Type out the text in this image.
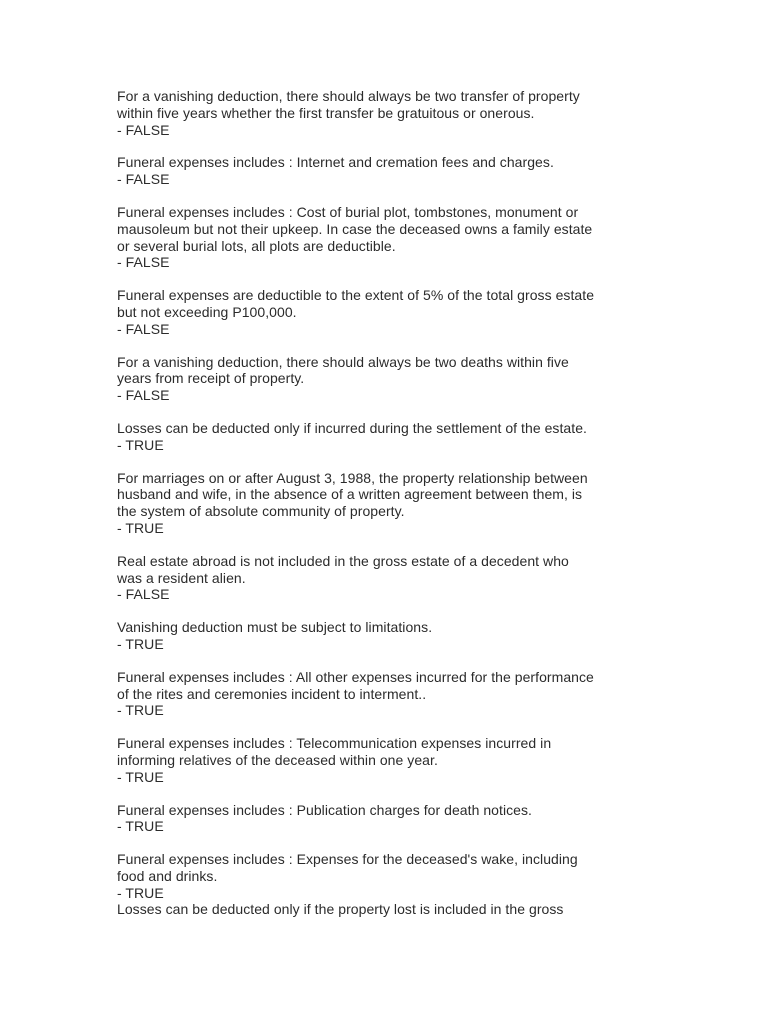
For a vanishing deduction, there should always be two transfer of property
within five years whether the first transfer be gratuitous or onerous.
- FALSE
Funeral expenses includes : Internet and cremation fees and charges.
- FALSE
Funeral expenses includes : Cost of burial plot, tombstones, monument or
mausoleum but not their upkeep. In case the deceased owns a family estate
or several burial lots, all plots are deductible.
- FALSE
Funeral expenses are deductible to the extent of 5% of the total gross estate
but not exceeding P100,000.
- FALSE
For a vanishing deduction, there should always be two deaths within five
years from receipt of property.
- FALSE
Losses can be deducted only if incurred during the settlement of the estate.
- TRUE
For marriages on or after August 3, 1988, the property relationship between
husband and wife, in the absence of a written agreement between them, is
the system of absolute community of property.
- TRUE
Real estate abroad is not included in the gross estate of a decedent who
was a resident alien.
- FALSE
Vanishing deduction must be subject to limitations.
- TRUE
Funeral expenses includes : All other expenses incurred for the performance
of the rites and ceremonies incident to interment..
- TRUE
Funeral expenses includes : Telecommunication expenses incurred in
informing relatives of the deceased within one year.
- TRUE
Funeral expenses includes : Publication charges for death notices.
- TRUE
Funeral expenses includes : Expenses for the deceased's wake, including
food and drinks.
- TRUE
Losses can be deducted only if the property lost is included in the gross
